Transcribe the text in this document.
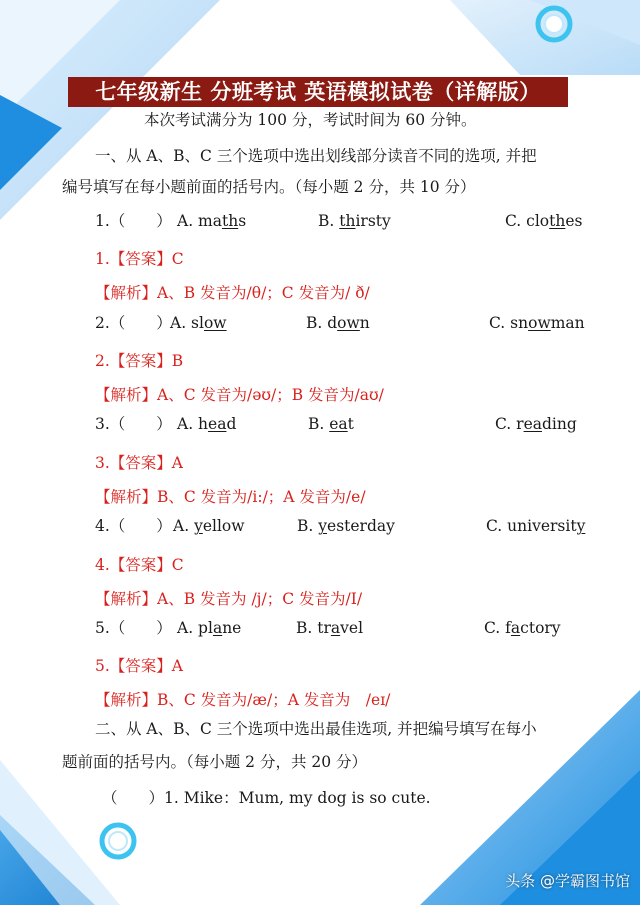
七年级新生 分班考试 英语模拟试卷（详解版）
本次考试满分为 100 分，考试时间为 60 分钟。
一、从 A、B、C 三个选项中选出划线部分读音不同的选项, 并把
编号填写在每小题前面的括号内。（每小题 2 分，共 10 分）
1.（　　） A. maths	B. thirsty	C. clothes
1.【答案】C
【解析】A、B 发音为/θ/；C 发音为/ ð/
2.（　　）
A. slow	B. down	C. snowman
2.【答案】B
【解析】A、C 发音为/əʊ/；B 发音为/aʊ/
3.（　　） A. head	B. eat	C. reading
3.【答案】A
【解析】B、C 发音为/i:/；A 发音为/e/
4.（　　） A. yellow	B. yesterday	C. university
4.【答案】C
【解析】A、B 发音为 /j/；C 发音为/I/
5.（　　） A. plane	B. travel	C. factory
5.【答案】A
【解析】B、C 发音为/æ/；A 发音为　/eɪ/
二、从 A、B、C 三个选项中选出最佳选项, 并把编号填写在每小
题前面的括号内。（每小题 2 分，共 20 分）
（　　）1. Mike：Mum, my dog is so cute.
头条 @学霸图书馆
